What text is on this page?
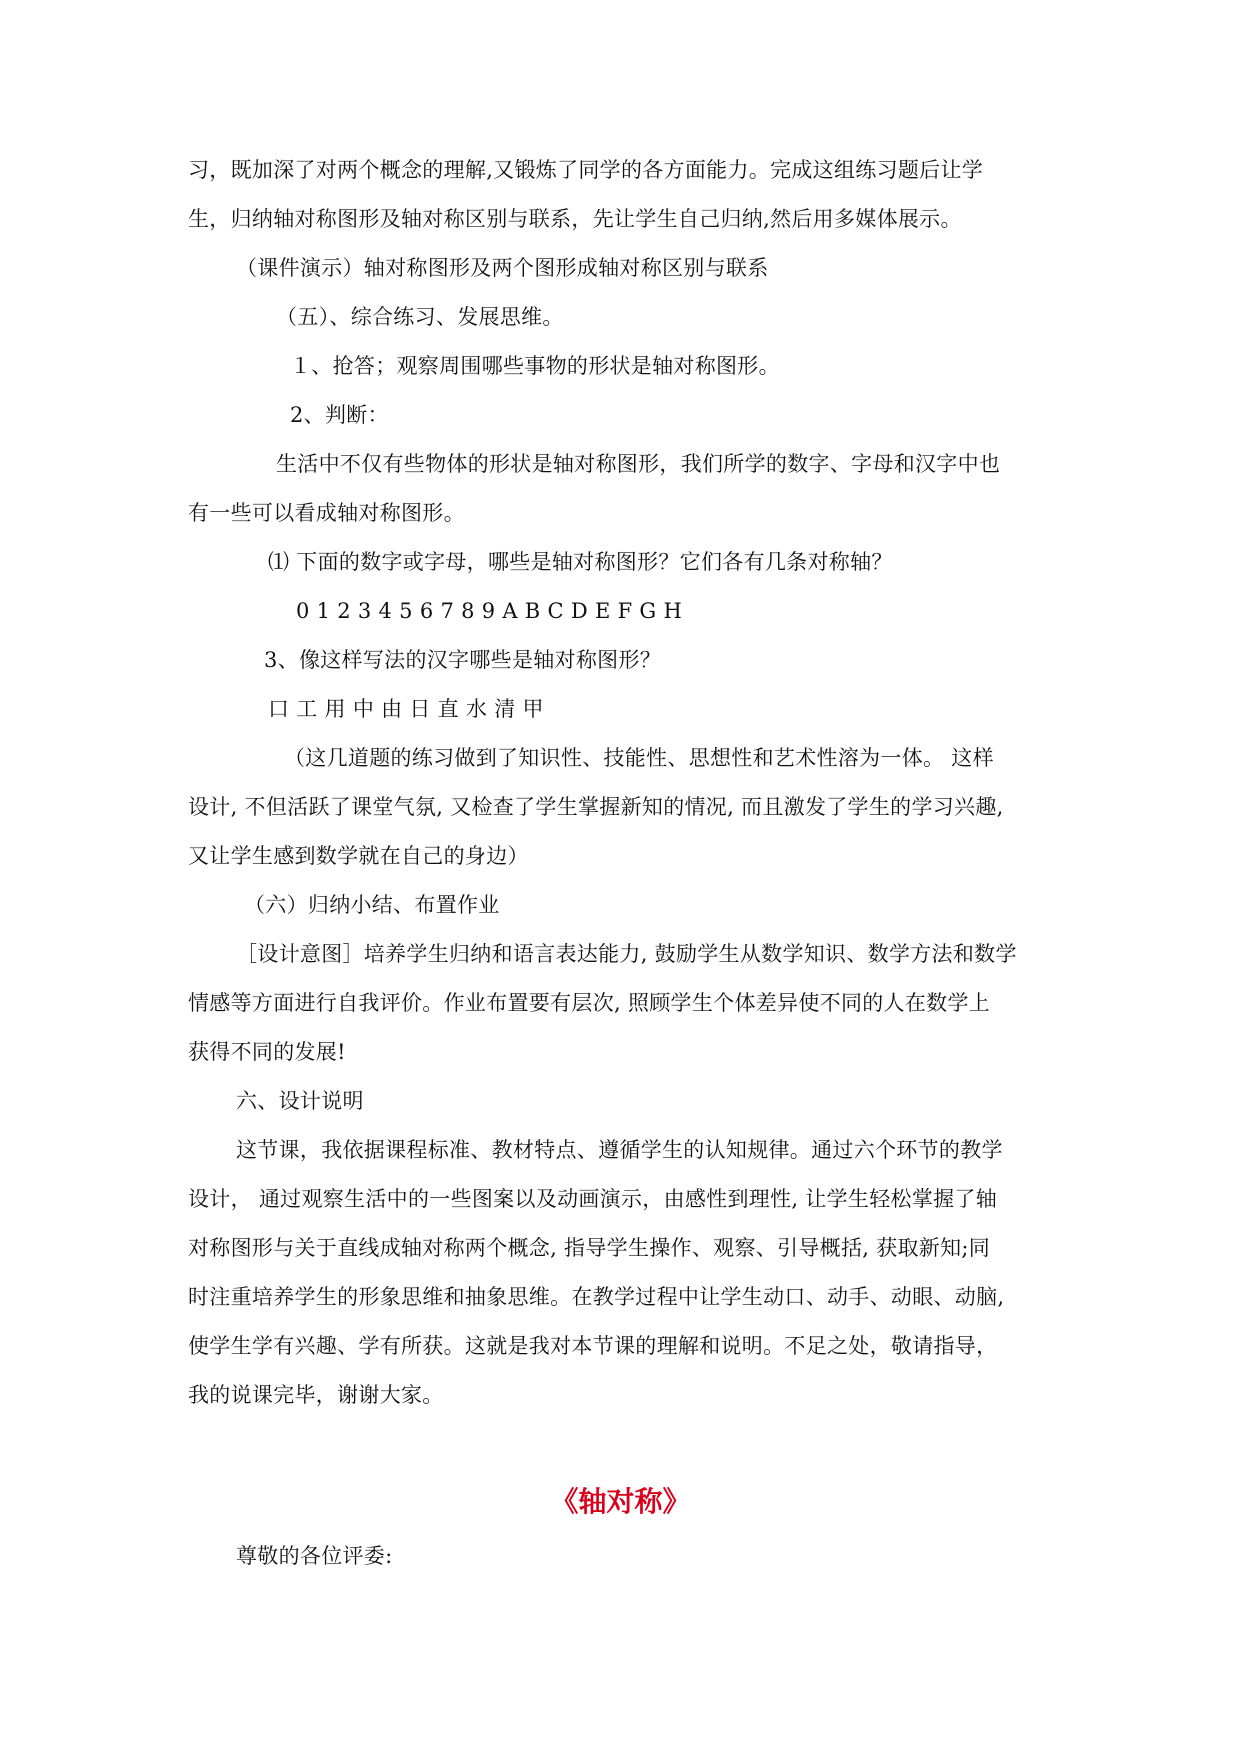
习，既加深了对两个概念的理解,又锻炼了同学的各方面能力。完成这组练习题后让学
生，归纳轴对称图形及轴对称区别与联系，先让学生自己归纳,然后用多媒体展示。
（课件演示）轴对称图形及两个图形成轴对称区别与联系
（五）、综合练习、发展思维。
１、抢答；观察周围哪些事物的形状是轴对称图形。
2、判断：
生活中不仅有些物体的形状是轴对称图形，我们所学的数字、字母和汉字中也
有一些可以看成轴对称图形。
⑴ 下面的数字或字母，哪些是轴对称图形？它们各有几条对称轴？
0 1 2 3 4 5 6 7 8 9 A B C D E F G H
3、像这样写法的汉字哪些是轴对称图形？
口 工 用 中 由 日 直 水 清 甲
（这几道题的练习做到了知识性、技能性、思想性和艺术性溶为一体。 这样
设计, 不但活跃了课堂气氛, 又检查了学生掌握新知的情况, 而且激发了学生的学习兴趣,
又让学生感到数学就在自己的身边）
（六）归纳小结、布置作业
［设计意图］培养学生归纳和语言表达能力, 鼓励学生从数学知识、数学方法和数学
情感等方面进行自我评价。作业布置要有层次, 照顾学生个体差异使不同的人在数学上
获得不同的发展!
六、设计说明
这节课，我依据课程标准、教材特点、遵循学生的认知规律。通过六个环节的教学
设计， 通过观察生活中的一些图案以及动画演示，由感性到理性, 让学生轻松掌握了轴
对称图形与关于直线成轴对称两个概念, 指导学生操作、观察、引导概括, 获取新知;同
时注重培养学生的形象思维和抽象思维。在教学过程中让学生动口、动手、动眼、动脑,
使学生学有兴趣、学有所获。这就是我对本节课的理解和说明。不足之处，敬请指导，
我的说课完毕，谢谢大家。
《轴对称》
尊敬的各位评委:
